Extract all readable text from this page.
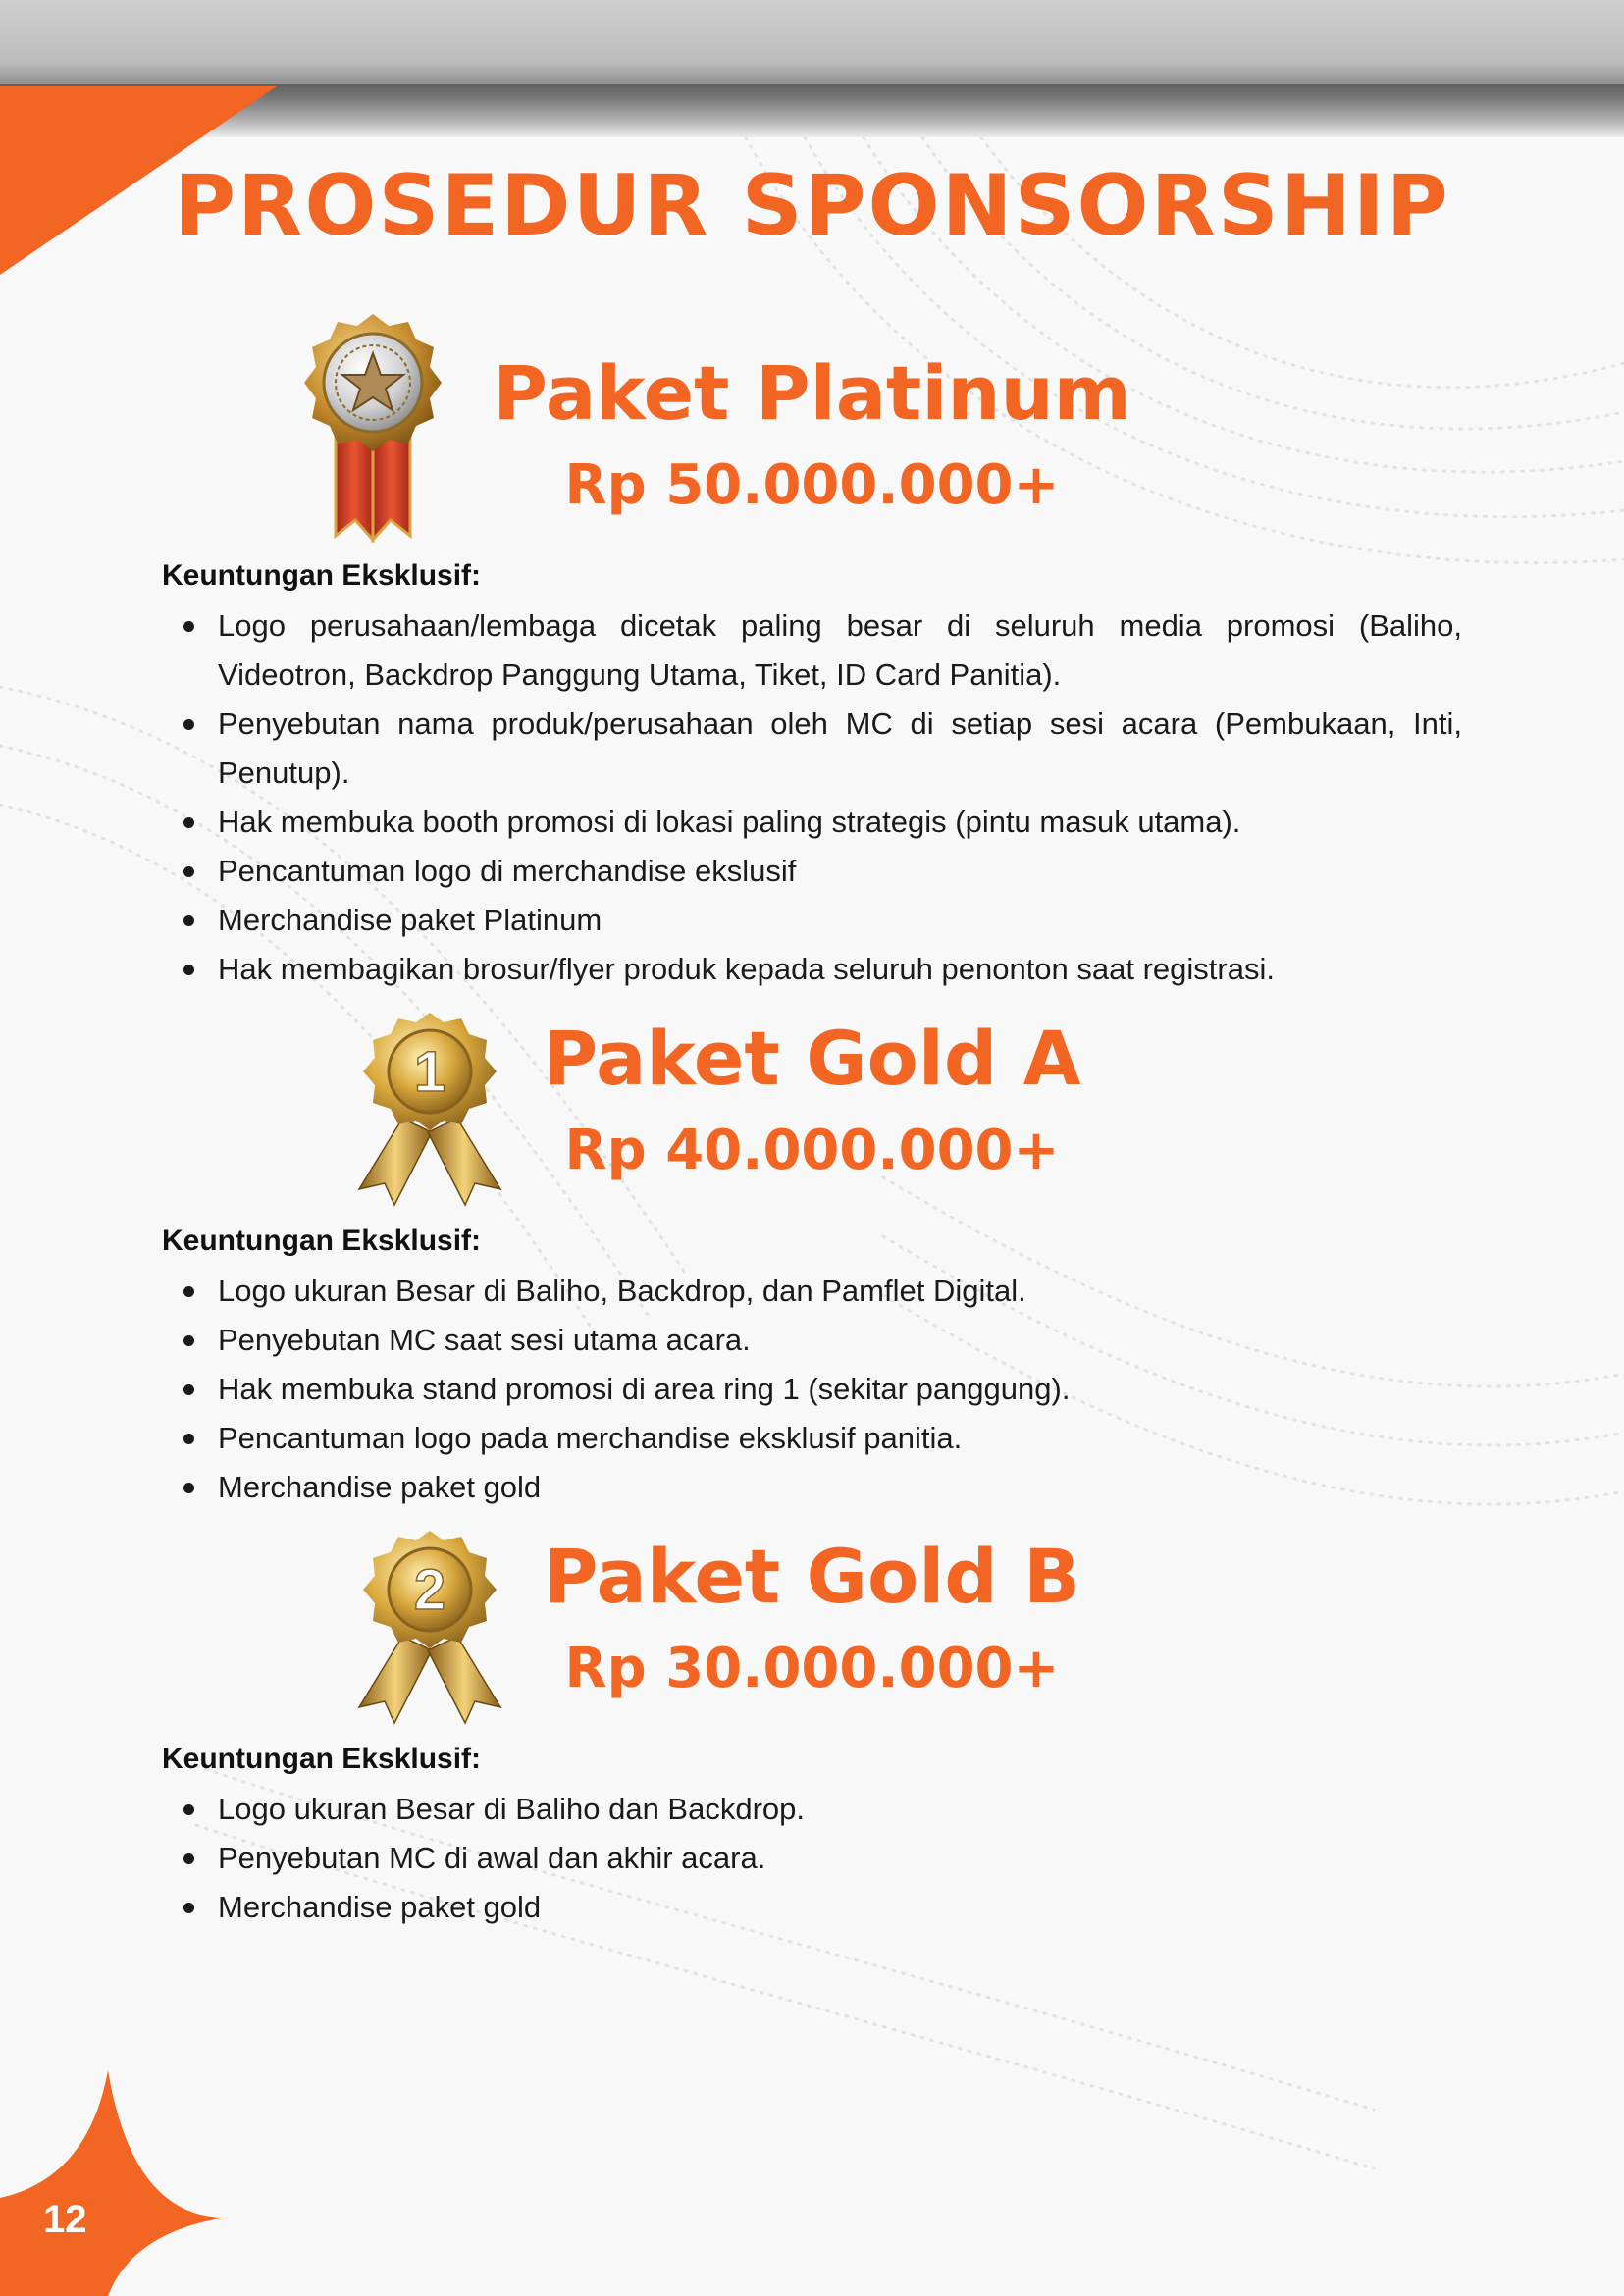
12
PROSEDUR SPONSORSHIP
Paket Platinum
Rp 50.000.000+
Keuntungan Eksklusif:
Logo perusahaan/lembaga dicetak paling besar di seluruh media promosi (Baliho, Videotron, Backdrop Panggung Utama, Tiket, ID Card Panitia).
Penyebutan nama produk/perusahaan oleh MC di setiap sesi acara (Pembukaan, Inti, Penutup).
Hak membuka booth promosi di lokasi paling strategis (pintu masuk utama).
Pencantuman logo di merchandise ekslusif
Merchandise paket Platinum
Hak membagikan brosur/flyer produk kepada seluruh penonton saat registrasi.
1	Paket Gold A
Rp 40.000.000+
Keuntungan Eksklusif:
Logo ukuran Besar di Baliho, Backdrop, dan Pamflet Digital.
Penyebutan MC saat sesi utama acara.
Hak membuka stand promosi di area ring 1 (sekitar panggung).
Pencantuman logo pada merchandise eksklusif panitia.
Merchandise paket gold
2	Paket Gold B
Rp 30.000.000+
Keuntungan Eksklusif:
Logo ukuran Besar di Baliho dan Backdrop.
Penyebutan MC di awal dan akhir acara.
Merchandise paket gold
